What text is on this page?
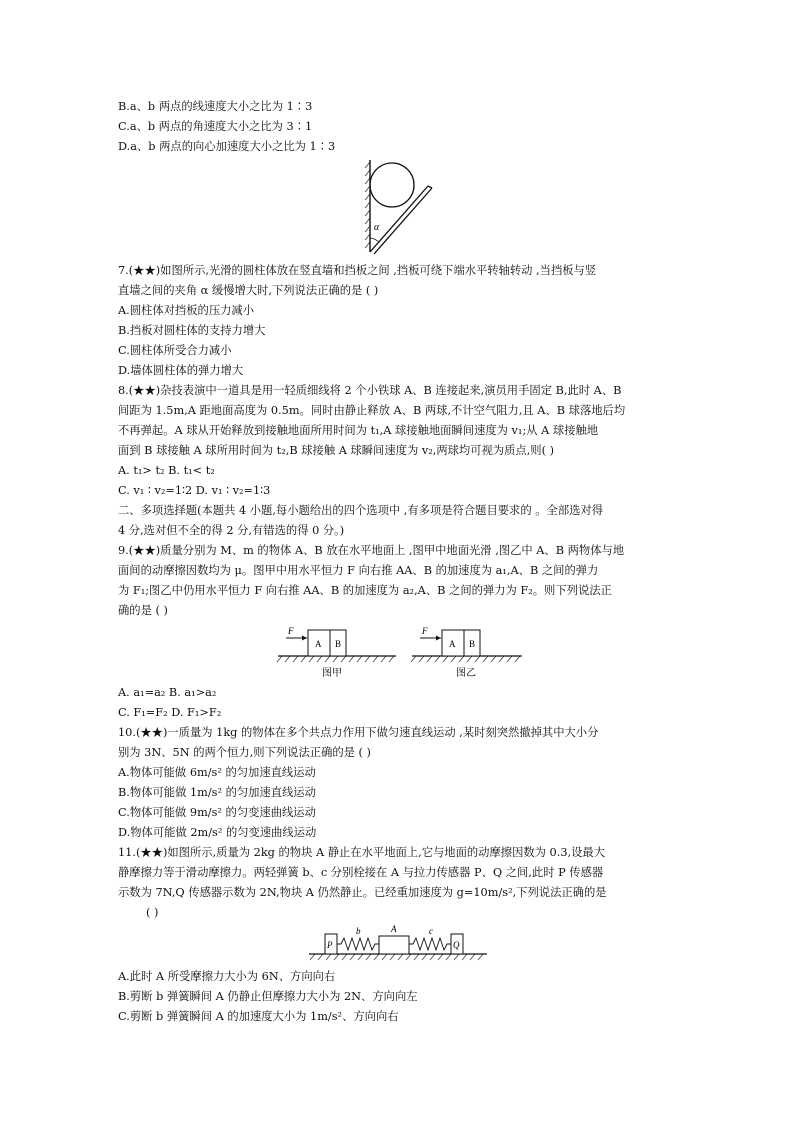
B.a、b 两点的线速度大小之比为 1∶3
C.a、b 两点的角速度大小之比为 3∶1
D.a、b 两点的向心加速度大小之比为 1∶3
α
7.(★★)如图所示,光滑的圆柱体放在竖直墙和挡板之间 ,挡板可绕下端水平转轴转动 ,当挡板与竖
直墙之间的夹角 α 缓慢增大时,下列说法正确的是 ( )
A.圆柱体对挡板的压力减小
B.挡板对圆柱体的支持力增大
C.圆柱体所受合力减小
D.墙体圆柱体的弹力增大
8.(★★)杂技表演中一道具是用一轻质细线将 2 个小铁球 A、B 连接起来,演员用手固定 B,此时 A、B
间距为 1.5m,A 距地面高度为 0.5m。同时由静止释放 A、B 两球,不计空气阻力,且 A、B 球落地后均
不再弹起。A 球从开始释放到接触地面所用时间为 t₁,A 球接触地面瞬间速度为 v₁;从 A 球接触地
面到 B 球接触 A 球所用时间为 t₂,B 球接触 A 球瞬间速度为 v₂,两球均可视为质点,则( )
A. t₁> t₂ B. t₁< t₂
C. v₁ ∶ v₂=1∶2 D. v₁ ∶ v₂=1∶3
二、多项选择题(本题共 4 小题,每小题给出的四个选项中 ,有多项是符合题目要求的 。全部选对得
4 分,选对但不全的得 2 分,有错选的得 0 分。)
9.(★★)质量分别为 M、m 的物体 A、B 放在水平地面上 ,图甲中地面光滑 ,图乙中 A、B 两物体与地
面间的动摩擦因数均为 μ。图甲中用水平恒力 F 向右推 AA、B 的加速度为 a₁,A、B 之间的弹力
为 F₁;图乙中仍用水平恒力 F 向右推 AA、B 的加速度为 a₂,A、B 之间的弹力为 F₂。则下列说法正
确的是 ( )
F
A B
图甲
F
A B
图乙
A. a₁=a₂ B. a₁>a₂
C. F₁=F₂ D. F₁>F₂
10.(★★)一质量为 1kg 的物体在多个共点力作用下做匀速直线运动 ,某时刻突然撤掉其中大小分
别为 3N、5N 的两个恒力,则下列说法正确的是 ( )
A.物体可能做 6m/s² 的匀加速直线运动
B.物体可能做 1m/s² 的匀加速直线运动
C.物体可能做 9m/s² 的匀变速曲线运动
D.物体可能做 2m/s² 的匀变速曲线运动
11.(★★)如图所示,质量为 2kg 的物块 A 静止在水平地面上,它与地面的动摩擦因数为 0.3,设最大
静摩擦力等于滑动摩擦力。两轻弹簧 b、c 分别栓接在 A 与拉力传感器 P、Q 之间,此时 P 传感器
示数为 7N,Q 传感器示数为 2N,物块 A 仍然静止。已经重加速度为 g=10m/s²,下列说法正确的是
( )
P
b	A	c
Q
A.此时 A 所受摩擦力大小为 6N、方向向右
B.剪断 b 弹簧瞬间 A 仍静止但摩擦力大小为 2N、方向向左
C.剪断 b 弹簧瞬间 A 的加速度大小为 1m/s²、方向向右
